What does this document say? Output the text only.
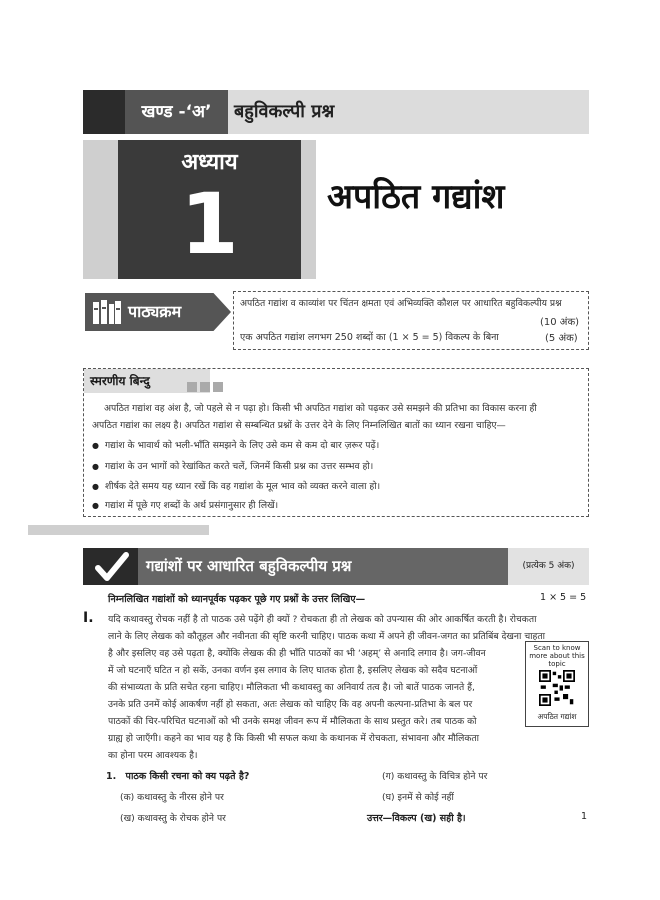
खण्ड -‘अ’	बहुविकल्पी प्रश्न
अध्याय
1	अपठित गद्यांश
पाठ्यक्रम	अपठित गद्यांश व काव्यांश पर चिंतन क्षमता एवं अभिव्यक्ति कौशल पर आधारित बहुविकल्पीय प्रश्न
(10 अंक)
एक अपठित गद्यांश लगभग 250 शब्दों का (1 × 5 = 5) विकल्प के बिना	(5 अंक)
स्मरणीय बिन्दु
अपठित गद्यांश वह अंश है, जो पहले से न पढ़ा हो। किसी भी अपठित गद्यांश को पढ़कर उसे समझने की प्रतिभा का विकास करना ही
अपठित गद्यांश का लक्ष्य है। अपठित गद्यांश से सम्बन्धित प्रश्नों के उत्तर देने के लिए निम्नलिखित बातों का ध्यान रखना चाहिए—
● गद्यांश के भावार्थ को भली-भाँति समझने के लिए उसे कम से कम दो बार ज़रूर पढ़ें।
● गद्यांश के उन भागों को रेखांकित करते चलें, जिनमें किसी प्रश्न का उत्तर सम्भव हो।
● शीर्षक देते समय यह ध्यान रखें कि वह गद्यांश के मूल भाव को व्यक्त करने वाला हो।
● गद्यांश में पूछे गए शब्दों के अर्थ प्रसंगानुसार ही लिखें।
गद्यांशों पर आधारित बहुविकल्पीय प्रश्न	(प्रत्येक 5 अंक)
निम्नलिखित गद्यांशों को ध्यानपूर्वक पढ़कर पूछे गए प्रश्नों के उत्तर लिखिए—	1 × 5 = 5
I. यदि कथावस्तु रोचक नहीं है तो पाठक उसे पढ़ेंगे ही क्यों ? रोचकता ही तो लेखक को उपन्यास की ओर आकर्षित करती है। रोचकता
लाने के लिए लेखक को कौतूहल और नवीनता की सृष्टि करनी चाहिए। पाठक कथा में अपने ही जीवन-जगत का प्रतिबिंब देखना चाहता
है और इसलिए वह उसे पढ़ता है, क्योंकि लेखक की ही भाँति पाठकों का भी ‘अहम्’ से अनादि लगाव है। जग-जीवन
में जो घटनाएँ घटित न हो सकें, उनका वर्णन इस लगाव के लिए घातक होता है, इसलिए लेखक को सदैव घटनाओं
की संभाव्यता के प्रति सचेत रहना चाहिए। मौलिकता भी कथावस्तु का अनिवार्य तत्व है। जो बातें पाठक जानते हैं,
उनके प्रति उनमें कोई आकर्षण नहीं हो सकता, अतः लेखक को चाहिए कि वह अपनी कल्पना-प्रतिभा के बल पर
पाठकों की चिर-परिचित घटनाओं को भी उनके समक्ष जीवन रूप में मौलिकता के साथ प्रस्तुत करे। तब पाठक को
ग्राह्य हो जाएँगी। कहने का भाव यह है कि किसी भी सफल कथा के कथानक में रोचकता, संभावना और मौलिकता
का होना परम आवश्यक है।
Scan to know more about this topic
अपठित गद्यांश
1. पाठक किसी रचना को क्य पढ़ते है?
(क) कथावस्तु के नीरस होने पर
(ख) कथावस्तु के रोचक होने पर
(ग) कथावस्तु के विचित्र होने पर
(घ) इनमें से कोई नहीं
उत्तर—विकल्प (ख) सही है।	1
